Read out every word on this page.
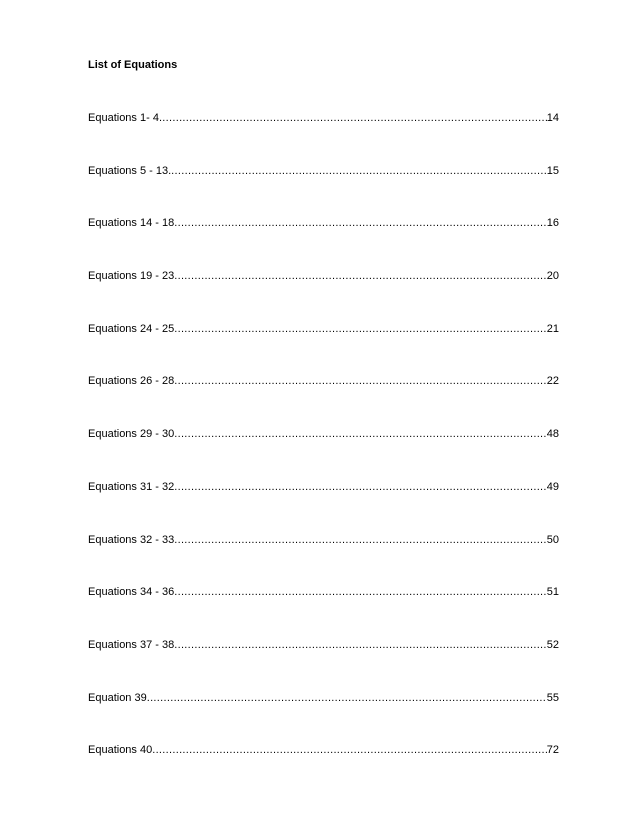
List of Equations
Equations 1- 4 .....	14
Equations 5 - 13. .....	15
Equations 14 - 18 .....	16
Equations 19 - 23 .....	20
Equations 24 - 25 .....	21
Equations 26 - 28 .....	22
Equations 29 - 30 .....	48
Equations 31 - 32 .....	49
Equations 32 - 33 .....	50
Equations 34 - 36 .....	51
Equations 37 - 38 .....	52
Equation 39 .....	55
Equations 40 .....	72
